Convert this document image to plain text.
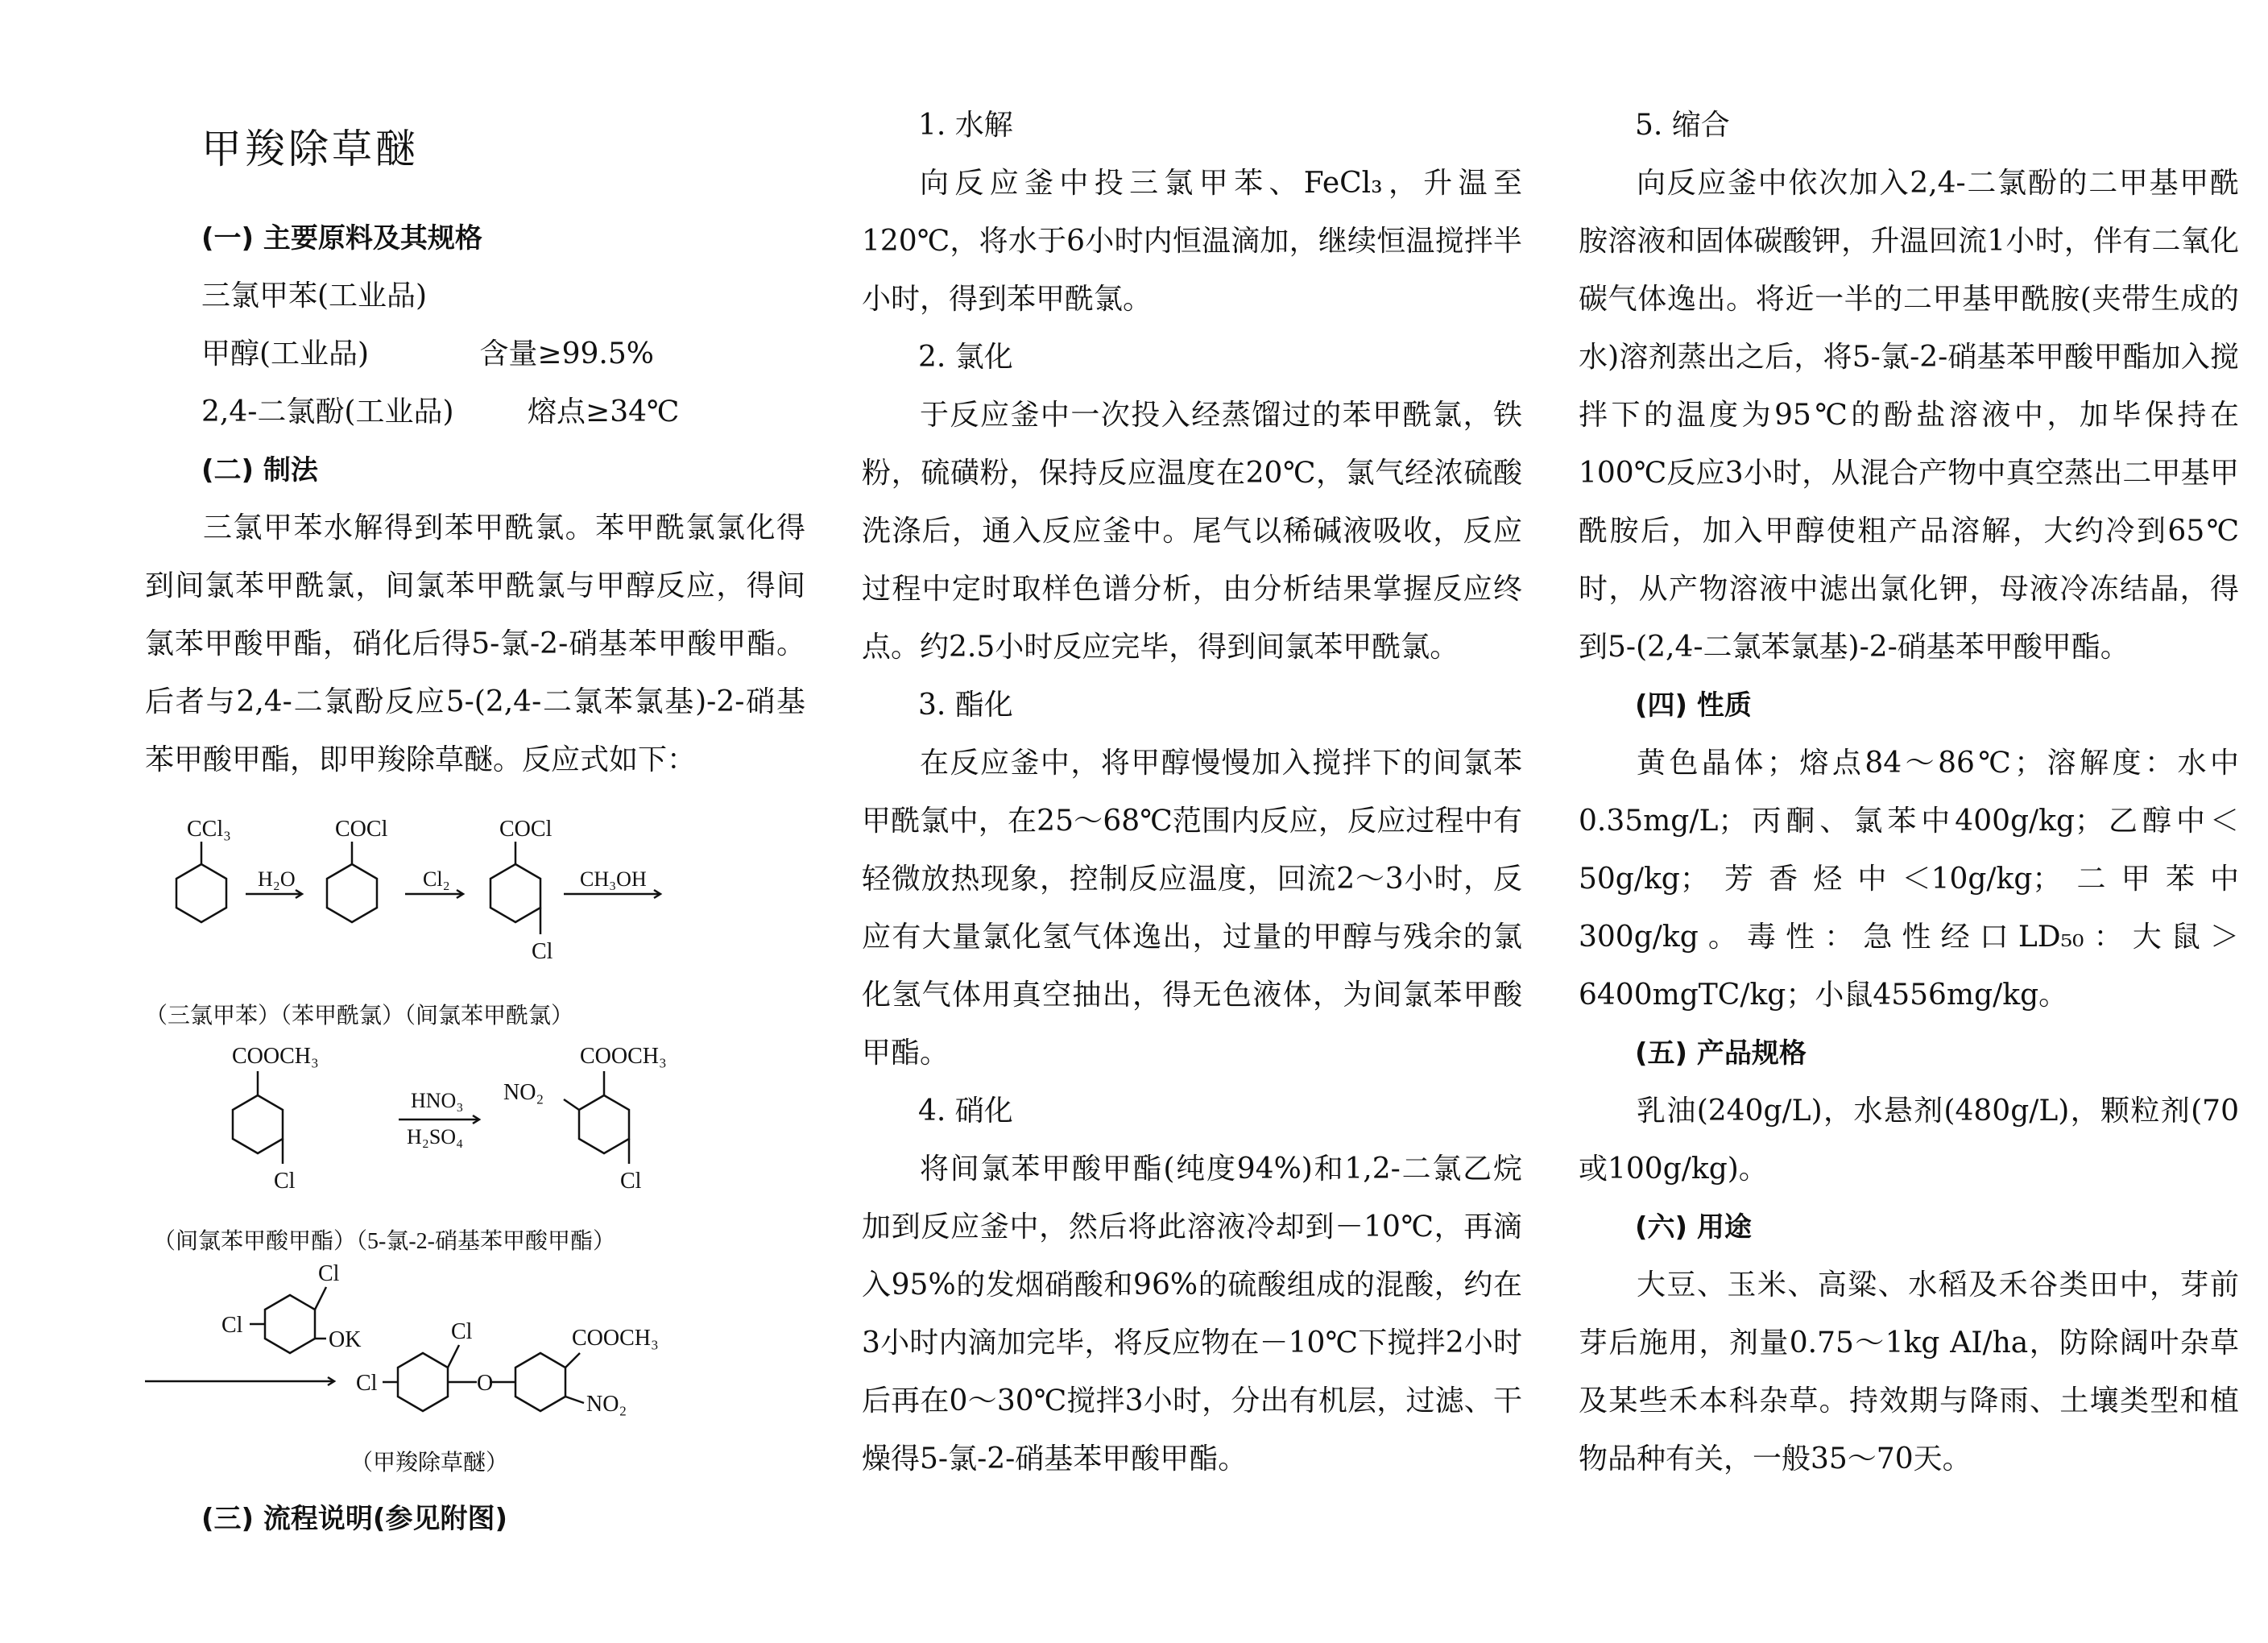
甲羧除草醚
(一) 主要原料及其规格
三氯甲苯(工业品)
甲醇(工业品)            含量≥99.5%
2,4-二氯酚(工业品)        熔点≥34℃
(二) 制法
三氯甲苯水解得到苯甲酰氯。苯甲酰氯氯化得到间氯苯甲酰氯，间氯苯甲酰氯与甲醇反应，得间氯苯甲酸甲酯，硝化后得5-氯-2-硝基苯甲酸甲酯。后者与2,4-二氯酚反应5-(2,4-二氯苯氯基)-2-硝基苯甲酸甲酯，即甲羧除草醚。反应式如下：
CCl₃	COCl	COCl
Cl
H₂O	Cl₂	CH₃OH
（三氯甲苯）（苯甲酰氯）（间氯苯甲酰氯）
COOCH₃
Cl
HNO₃
H₂SO₄
COOCH₃
NO₂
Cl
（间氯苯甲酸甲酯）（5-氯-2-硝基苯甲酸甲酯）
Cl
Cl
OK
Cl
Cl
O
COOCH₃
NO₂
（甲羧除草醚）
(三) 流程说明(参见附图)
1. 水解
向反应釜中投三氯甲苯、FeCl₃，升温至120℃，将水于6小时内恒温滴加，继续恒温搅拌半小时，得到苯甲酰氯。
2. 氯化
于反应釜中一次投入经蒸馏过的苯甲酰氯，铁粉，硫磺粉，保持反应温度在20℃，氯气经浓硫酸洗涤后，通入反应釜中。尾气以稀碱液吸收，反应过程中定时取样色谱分析，由分析结果掌握反应终点。约2.5小时反应完毕，得到间氯苯甲酰氯。
3. 酯化
在反应釜中，将甲醇慢慢加入搅拌下的间氯苯甲酰氯中，在25～68℃范围内反应，反应过程中有轻微放热现象，控制反应温度，回流2～3小时，反应有大量氯化氢气体逸出，过量的甲醇与残余的氯化氢气体用真空抽出，得无色液体，为间氯苯甲酸甲酯。
4. 硝化
将间氯苯甲酸甲酯(纯度94%)和1,2-二氯乙烷加到反应釜中，然后将此溶液冷却到－10℃，再滴入95%的发烟硝酸和96%的硫酸组成的混酸，约在3小时内滴加完毕，将反应物在－10℃下搅拌2小时后再在0～30℃搅拌3小时，分出有机层，过滤、干燥得5-氯-2-硝基苯甲酸甲酯。
5. 缩合
向反应釜中依次加入2,4-二氯酚的二甲基甲酰胺溶液和固体碳酸钾，升温回流1小时，伴有二氧化碳气体逸出。将近一半的二甲基甲酰胺(夹带生成的水)溶剂蒸出之后，将5-氯-2-硝基苯甲酸甲酯加入搅拌下的温度为95℃的酚盐溶液中，加毕保持在100℃反应3小时，从混合产物中真空蒸出二甲基甲酰胺后，加入甲醇使粗产品溶解，大约冷到65℃时，从产物溶液中滤出氯化钾，母液冷冻结晶，得到5-(2,4-二氯苯氯基)-2-硝基苯甲酸甲酯。
(四) 性质
黄色晶体；熔点84～86℃；溶解度：水中0.35mg/L；丙酮、氯苯中400g/kg；乙醇中＜50g/kg；芳香烃中＜10g/kg；二甲苯中300g/kg。毒性：急性经口LD₅₀：大鼠＞6400mgTC/kg；小鼠4556mg/kg。
(五) 产品规格
乳油(240g/L)，水悬剂(480g/L)，颗粒剂(70或100g/kg)。
(六) 用途
大豆、玉米、高粱、水稻及禾谷类田中，芽前芽后施用，剂量0.75～1kg AI/ha，防除阔叶杂草及某些禾本科杂草。持效期与降雨、土壤类型和植物品种有关，一般35～70天。
